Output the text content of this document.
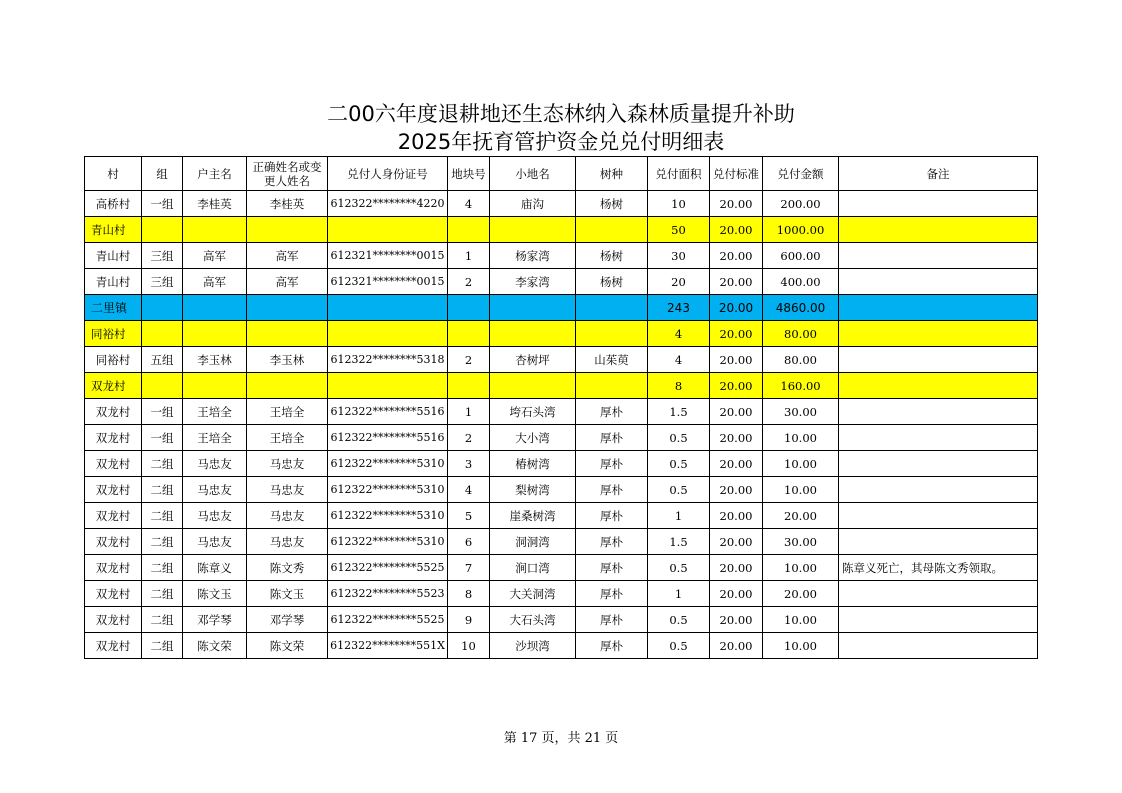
二00六年度退耕地还生态林纳入森林质量提升补助
2025年抚育管护资金兑兑付明细表
村	组	户主名	正确姓名或变更人姓名	兑付人身份证号	地块号	小地名	树种	兑付面积	兑付标准	兑付金额	备注
高桥村	一组	李桂英	李桂英	612322********4220	4	庙沟	杨树	10	20.00	200.00	
青山村								50	20.00	1000.00	
青山村	三组	高军	高军	612321********0015	1	杨家湾	杨树	30	20.00	600.00	
青山村	三组	高军	高军	612321********0015	2	李家湾	杨树	20	20.00	400.00	
二里镇								243	20.00	4860.00	
同裕村								4	20.00	80.00	
同裕村	五组	李玉林	李玉林	612322********5318	2	杏树坪	山茱萸	4	20.00	80.00	
双龙村								8	20.00	160.00	
双龙村	一组	王培全	王培全	612322********5516	1	垮石头湾	厚朴	1.5	20.00	30.00	
双龙村	一组	王培全	王培全	612322********5516	2	大小湾	厚朴	0.5	20.00	10.00	
双龙村	二组	马忠友	马忠友	612322********5310	3	椿树湾	厚朴	0.5	20.00	10.00	
双龙村	二组	马忠友	马忠友	612322********5310	4	梨树湾	厚朴	0.5	20.00	10.00	
双龙村	二组	马忠友	马忠友	612322********5310	5	崖桑树湾	厚朴	1	20.00	20.00	
双龙村	二组	马忠友	马忠友	612322********5310	6	洞洞湾	厚朴	1.5	20.00	30.00	
双龙村	二组	陈章义	陈文秀	612322********5525	7	涧口湾	厚朴	0.5	20.00	10.00	陈章义死亡，其母陈文秀领取。
双龙村	二组	陈文玉	陈文玉	612322********5523	8	大关洞湾	厚朴	1	20.00	20.00	
双龙村	二组	邓学琴	邓学琴	612322********5525	9	大石头湾	厚朴	0.5	20.00	10.00	
双龙村	二组	陈文荣	陈文荣	612322********551X	10	沙坝湾	厚朴	0.5	20.00	10.00	
第 17 页，共 21 页
